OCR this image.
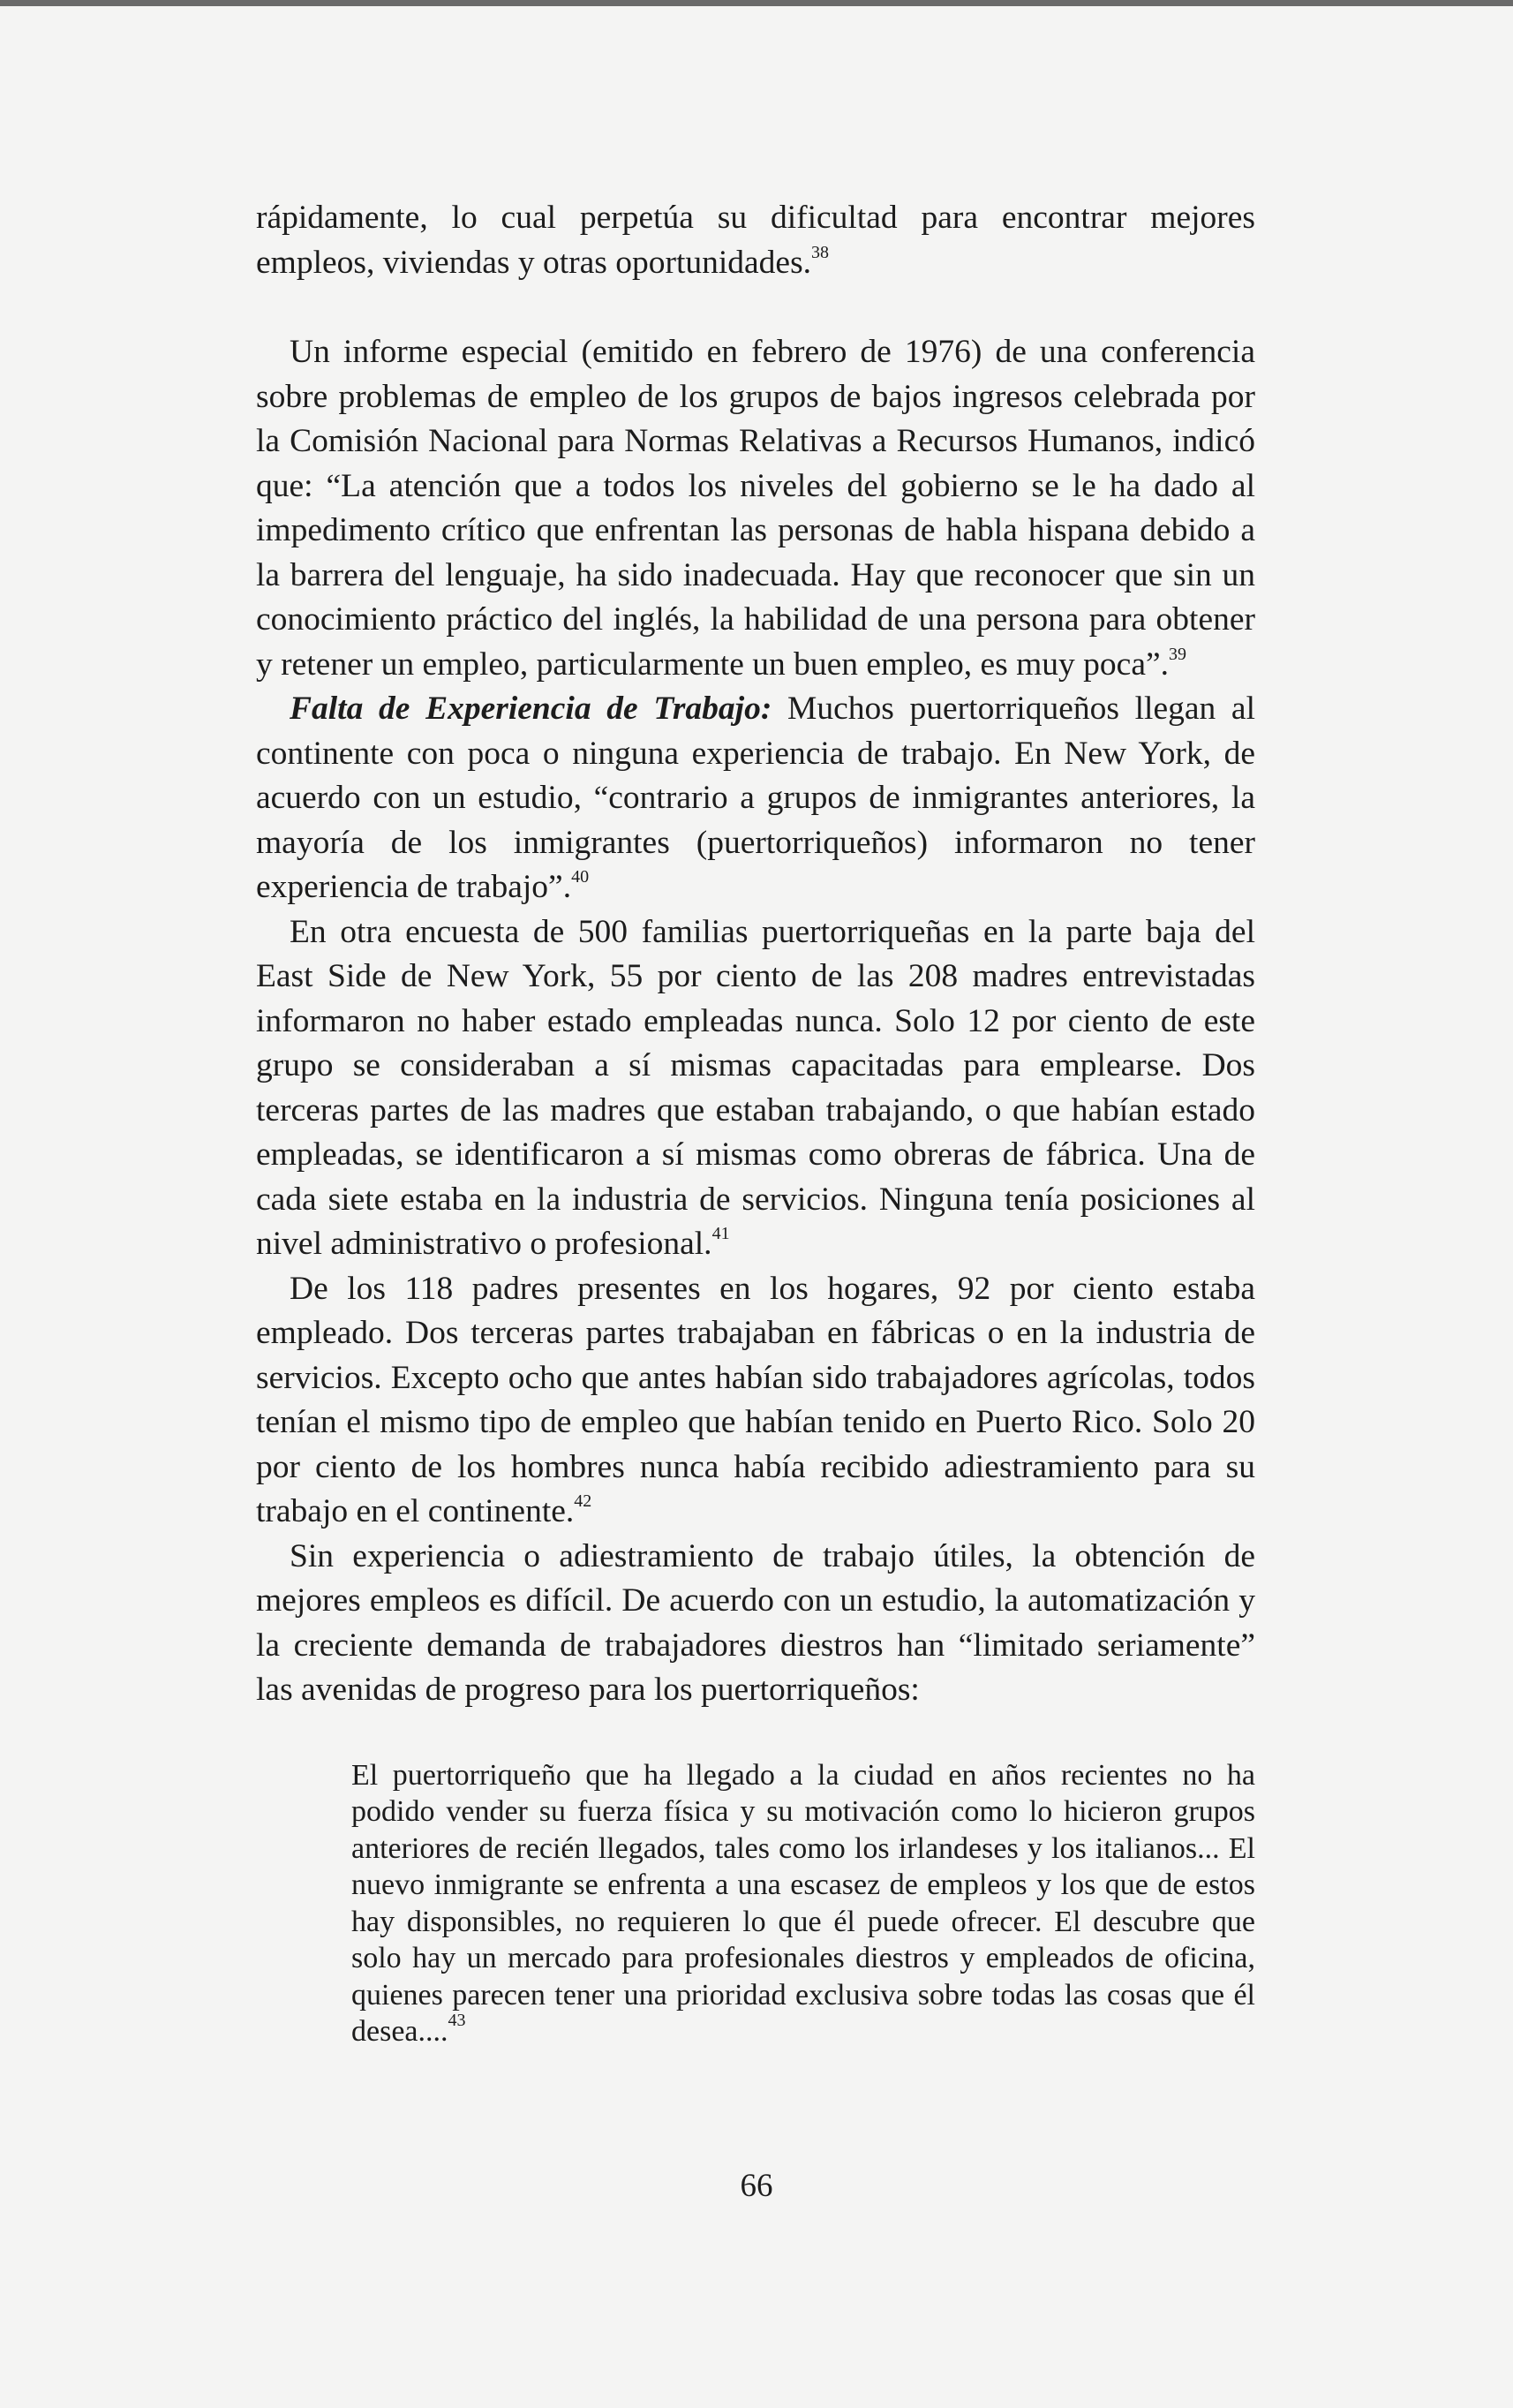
rápidamente, lo cual perpetúa su dificultad para encontrar mejores empleos, viviendas y otras oportunidades.$^{38}$

Un informe especial (emitido en febrero de 1976) de una conferencia sobre problemas de empleo de los grupos de bajos ingresos celebrada por la Comisión Nacional para Normas Relativas a Recursos Humanos, indicó que: “La atención que a todos los niveles del gobierno se le ha dado al impedimento crítico que enfrentan las personas de habla hispana debido a la barrera del lenguaje, ha sido inadecuada. Hay que reconocer que sin un conocimiento práctico del inglés, la habilidad de una persona para obtener y retener un empleo, particularmente un buen empleo, es muy poca”.$^{39}$

Falta de Experiencia de Trabajo: Muchos puertorriqueños llegan al continente con poca o ninguna experiencia de trabajo. En New York, de acuerdo con un estudio, “contrario a grupos de inmigrantes anteriores, la mayoría de los inmigrantes (puertorriqueños) informaron no tener experiencia de trabajo”.$^{40}$

En otra encuesta de 500 familias puertorriqueñas en la parte baja del East Side de New York, 55 por ciento de las 208 madres entrevistadas informaron no haber estado empleadas nunca. Solo 12 por ciento de este grupo se consideraban a sí mismas capacitadas para emplearse. Dos terceras partes de las madres que estaban trabajando, o que habían estado empleadas, se identificaron a sí mismas como obreras de fábrica. Una de cada siete estaba en la industria de servicios. Ninguna tenía posiciones al nivel administrativo o profesional.$^{41}$

De los 118 padres presentes en los hogares, 92 por ciento estaba empleado. Dos terceras partes trabajaban en fábricas o en la industria de servicios. Excepto ocho que antes habían sido trabajadores agrícolas, todos tenían el mismo tipo de empleo que habían tenido en Puerto Rico. Solo 20 por ciento de los hombres nunca había recibido adiestramiento para su trabajo en el continente.$^{42}$

Sin experiencia o adiestramiento de trabajo útiles, la obtención de mejores empleos es difícil. De acuerdo con un estudio, la automatización y la creciente demanda de trabajadores diestros han “limitado seriamente” las avenidas de progreso para los puertorriqueños:

El puertorriqueño que ha llegado a la ciudad en años recientes no ha podido vender su fuerza física y su motivación como lo hicieron grupos anteriores de recién llegados, tales como los irlandeses y los italianos... El nuevo inmigrante se enfrenta a una escasez de empleos y los que de estos hay disponsibles, no requieren lo que él puede ofrecer. El descubre que solo hay un mercado para profesionales diestros y empleados de oficina, quienes parecen tener una prioridad exclusiva sobre todas las cosas que él desea....$^{43}$

66
